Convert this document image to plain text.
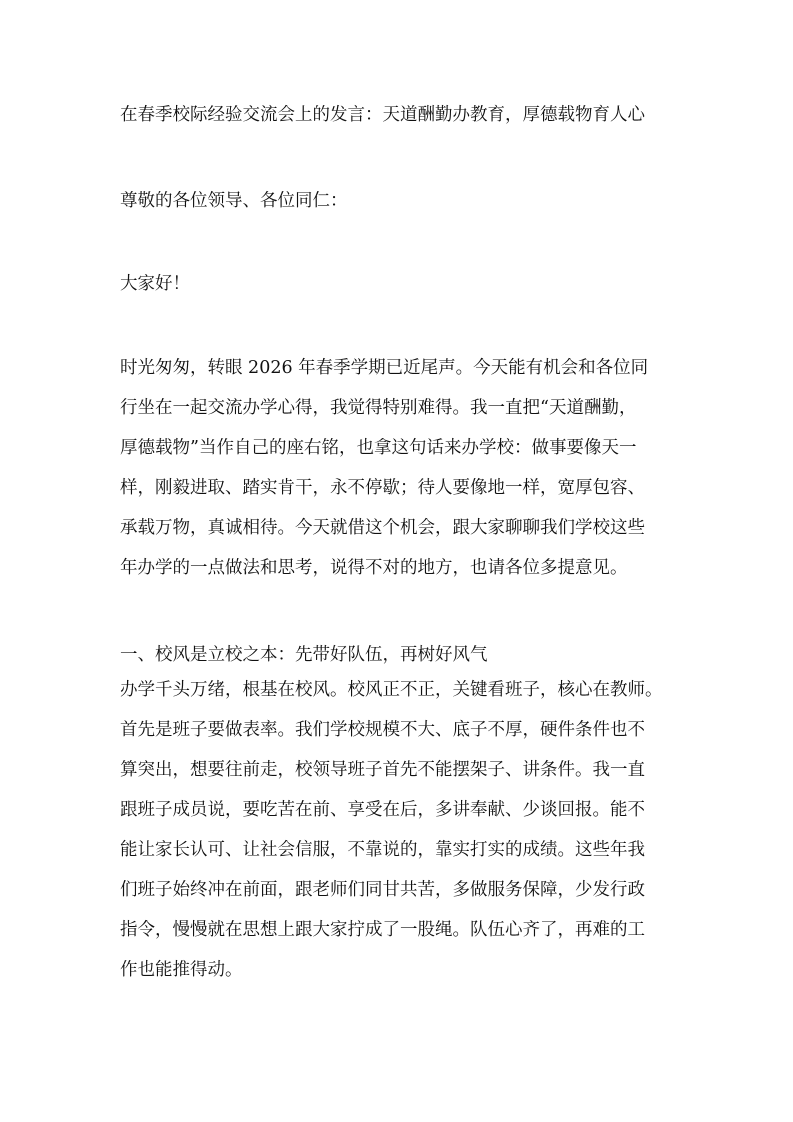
在春季校际经验交流会上的发言：天道酬勤办教育，厚德载物育人心
尊敬的各位领导、各位同仁：
大家好！
时光匆匆，转眼 2026 年春季学期已近尾声。今天能有机会和各位同
行坐在一起交流办学心得，我觉得特别难得。我一直把“天道酬勤，
厚德载物”当作自己的座右铭，也拿这句话来办学校：做事要像天一
样，刚毅进取、踏实肯干，永不停歇；待人要像地一样，宽厚包容、
承载万物，真诚相待。今天就借这个机会，跟大家聊聊我们学校这些
年办学的一点做法和思考，说得不对的地方，也请各位多提意见。
一、校风是立校之本：先带好队伍，再树好风气
办学千头万绪，根基在校风。校风正不正，关键看班子，核心在教师。
首先是班子要做表率。我们学校规模不大、底子不厚，硬件条件也不
算突出，想要往前走，校领导班子首先不能摆架子、讲条件。我一直
跟班子成员说，要吃苦在前、享受在后，多讲奉献、少谈回报。能不
能让家长认可、让社会信服，不靠说的，靠实打实的成绩。这些年我
们班子始终冲在前面，跟老师们同甘共苦，多做服务保障，少发行政
指令，慢慢就在思想上跟大家拧成了一股绳。队伍心齐了，再难的工
作也能推得动。
